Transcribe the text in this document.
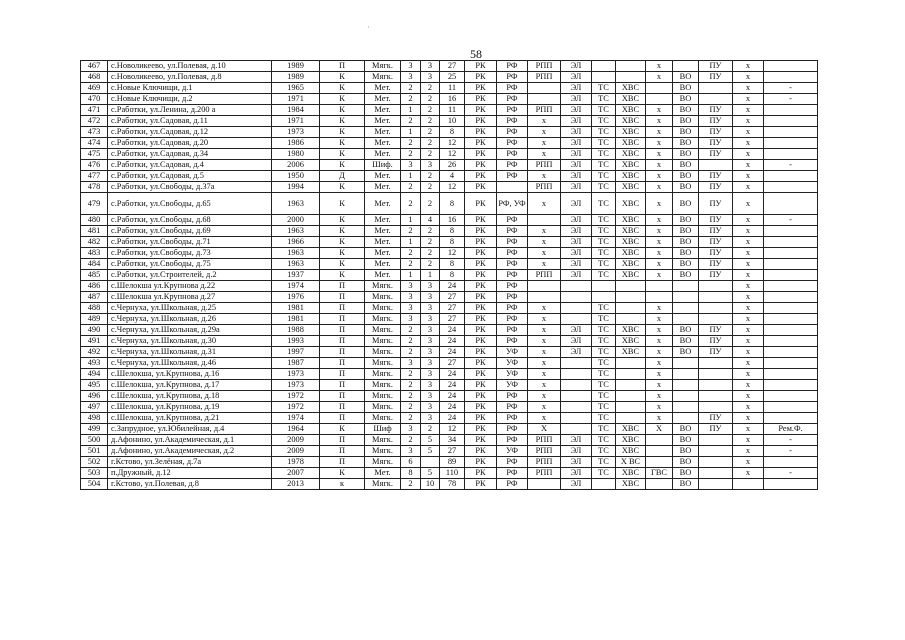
58
·
467	с.Новоликеево, ул.Полевая, д.10	1989	П	Мягк.	3	3	27	РК	РФ	РПП	ЭЛ			х		ПУ	х	
468	с.Новоликеево, ул.Полевая, д.8	1989	К	Мягк.	3	3	25	РК	РФ	РПП	ЭЛ			х	ВО	ПУ	х	
469	с.Новые Ключищи, д.1	1965	К	Мет.	2	2	11	РК	РФ		ЭЛ	ТС	ХВС		ВО		х	-
470	с.Новые Ключищи, д.2	1971	К	Мет.	2	2	16	РК	РФ		ЭЛ	ТС	ХВС		ВО		х	-
471	с.Работки, ул.Ленина, д.200 а	1984	К	Мет.	1	2	11	РК	РФ	РПП	ЭЛ	ТС	ХВС	х	ВО	ПУ	х	
472	с.Работки, ул.Садовая, д.11	1971	К	Мет.	2	2	10	РК	РФ	х	ЭЛ	ТС	ХВС	х	ВО	ПУ	х	
473	с.Работки, ул.Садовая, д.12	1973	К	Мет.	1	2	8	РК	РФ	х	ЭЛ	ТС	ХВС	х	ВО	ПУ	х	
474	с.Работки, ул.Садовая, д.20	1986	К	Мет.	2	2	12	РК	РФ	х	ЭЛ	ТС	ХВС	х	ВО	ПУ	х	
475	с.Работки, ул.Садовая, д.34	1980	К	Мет.	2	2	12	РК	РФ	х	ЭЛ	ТС	ХВС	х	ВО	ПУ	х	
476	с.Работки, ул.Садовая, д.4	2006	К	Шиф.	3	3	26	РК	РФ	РПП	ЭЛ	ТС	ХВС	х	ВО		х	-
477	с.Работки, ул.Садовая, д.5	1950	Д	Мет.	1	2	4	РК	РФ	х	ЭЛ	ТС	ХВС	х	ВО	ПУ	х	
478	с.Работки, ул.Свободы, д.37а	1994	К	Мет.	2	2	12	РК		РПП	ЭЛ	ТС	ХВС	х	ВО	ПУ	х	
479	с.Работки, ул.Свободы, д.65	1963	К	Мет.	2	2	8	РК	РФ, УФ	х	ЭЛ	ТС	ХВС	х	ВО	ПУ	х	
480	с.Работки, ул.Свободы, д.68	2000	К	Мет.	1	4	16	РК	РФ		ЭЛ	ТС	ХВС	х	ВО	ПУ	х	-
481	с.Работки, ул.Свободы, д.69	1963	К	Мет.	2	2	8	РК	РФ	х	ЭЛ	ТС	ХВС	х	ВО	ПУ	х	
482	с.Работки, ул.Свободы, д.71	1966	К	Мет.	1	2	8	РК	РФ	х	ЭЛ	ТС	ХВС	х	ВО	ПУ	х	
483	с.Работки, ул.Свободы, д.73	1963	К	Мет.	2	2	12	РК	РФ	х	ЭЛ	ТС	ХВС	х	ВО	ПУ	х	
484	с.Работки, ул.Свободы, д.75	1963	К	Мет.	2	2	8	РК	РФ	х	ЭЛ	ТС	ХВС	х	ВО	ПУ	х	
485	с.Работки, ул.Строителей, д.2	1937	К	Мет.	1	1	8	РК	РФ	РПП	ЭЛ	ТС	ХВС	х	ВО	ПУ	х	
486	с.Шелокша ул.Крупнова д.22	1974	П	Мягк.	3	3	24	РК	РФ								х	
487	с.Шелокша ул.Крупнова д.27	1976	П	Мягк.	3	3	27	РК	РФ								х	
488	с.Чернуха, ул.Школьная, д.25	1981	П	Мягк.	3	3	27	РК	РФ	х		ТС		х			х	
489	с.Чернуха, ул.Школьная, д.26	1981	П	Мягк.	3	3	27	РК	РФ	х		ТС		х			х	
490	с.Чернуха, ул.Школьная, д.29а	1988	П	Мягк.	2	3	24	РК	РФ	х	ЭЛ	ТС	ХВС	х	ВО	ПУ	х	
491	с.Чернуха, ул.Школьная, д.30	1993	П	Мягк.	2	3	24	РК	РФ	х	ЭЛ	ТС	ХВС	х	ВО	ПУ	х	
492	с.Чернуха, ул.Школьная, д.31	1997	П	Мягк.	2	3	24	РК	УФ	х	ЭЛ	ТС	ХВС	х	ВО	ПУ	х	
493	с.Чернуха, ул.Школьная, д.46	1987	П	Мягк.	3	3	27	РК	УФ	х		ТС		х			х	
494	с.Шелокша, ул.Крупнова, д.16	1973	П	Мягк.	2	3	24	РК	УФ	х		ТС		х			х	
495	с.Шелокша, ул.Крупнова, д.17	1973	П	Мягк.	2	3	24	РК	УФ	х		ТС		х			х	
496	с.Шелокша, ул.Крупнова, д.18	1972	П	Мягк.	2	3	24	РК	РФ	х		ТС		х			х	
497	с.Шелокша, ул.Крупнова, д.19	1972	П	Мягк.	2	3	24	РК	РФ	х		ТС		х			х	
498	с.Шелокша, ул.Крупнова, д.21	1974	П	Мягк.	2	3	24	РК	РФ	х		ТС		х		ПУ	х	
499	с.Запрудное, ул.Юбилейная, д.4	1964	К	Шиф	3	2	12	РК	РФ	Х		ТС	ХВС	Х	ВО	ПУ	х	Рем.Ф.
500	д.Афонино, ул.Академическая, д.1	2009	П	Мягк.	2	5	34	РК	РФ	РПП	ЭЛ	ТС	ХВС		ВО		х	-
501	д.Афонино, ул.Академическая, д.2	2009	П	Мягк.	3	5	27	РК	УФ	РПП	ЭЛ	ТС	ХВС		ВО		х	-
502	г.Кстово, ул.Зелёная, д.7а	1978	П	Мягк.	6		89	РК	РФ	РПП	ЭЛ	ТС	Х ВС		ВО		х	
503	п.Дружный, д.12	2007	К	Мет.	8	5	110	РК	РФ	РПП	ЭЛ	ТС	ХВС	ГВС	ВО		х	-
504	г.Кстово, ул.Полевая, д.8	2013	к	Мягк.	2	10	78	РК	РФ		ЭЛ		ХВС		ВО			
